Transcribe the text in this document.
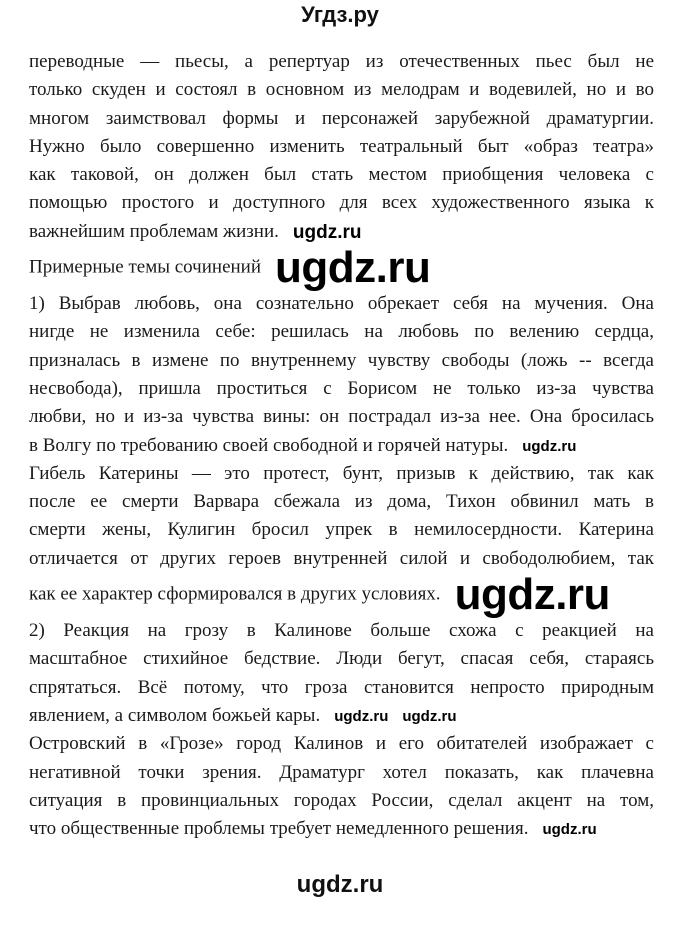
Угдз.ру
переводные — пьесы, а репертуар из отечественных пьес был не
только скуден и состоял в основном из мелодрам и водевилей, но и во
многом заимствовал формы и персонажей зарубежной драматургии.
Нужно было совершенно изменить театральный быт «образ театра»
как таковой, он должен был стать местом приобщения человека с
помощью простого и доступного для всех художественного языка к
важнейшим проблемам жизни. ugdz.ru
Примерные темы сочинений ugdz.ru
1) Выбрав любовь, она сознательно обрекает себя на мучения. Она
нигде не изменила себе: решилась на любовь по велению сердца,
призналась в измене по внутреннему чувству свободы (ложь -- всегда
несвобода), пришла проститься с Борисом не только из-за чувства
любви, но и из-за чувства вины: он пострадал из-за нее. Она бросилась
в Волгу по требованию своей свободной и горячей натуры. ugdz.ru
Гибель Катерины — это протест, бунт, призыв к действию, так как
после ее смерти Варвара сбежала из дома, Тихон обвинил мать в
смерти жены, Кулигин бросил упрек в немилосердности. Катерина
отличается от других героев внутренней силой и свободолюбием, так
как ее характер сформировался в других условиях. ugdz.ru
2) Реакция на грозу в Калинове больше схожа с реакцией на
масштабное стихийное бедствие. Люди бегут, спасая себя, стараясь
спрятаться. Всё потому, что гроза становится непросто природным
явлением, а символом божьей кары. ugdz.ru ugdz.ru
Островский в «Грозе» город Калинов и его обитателей изображает с
негативной точки зрения. Драматург хотел показать, как плачевна
ситуация в провинциальных городах России, сделал акцент на том,
что общественные проблемы требует немедленного решения. ugdz.ru
ugdz.ru
